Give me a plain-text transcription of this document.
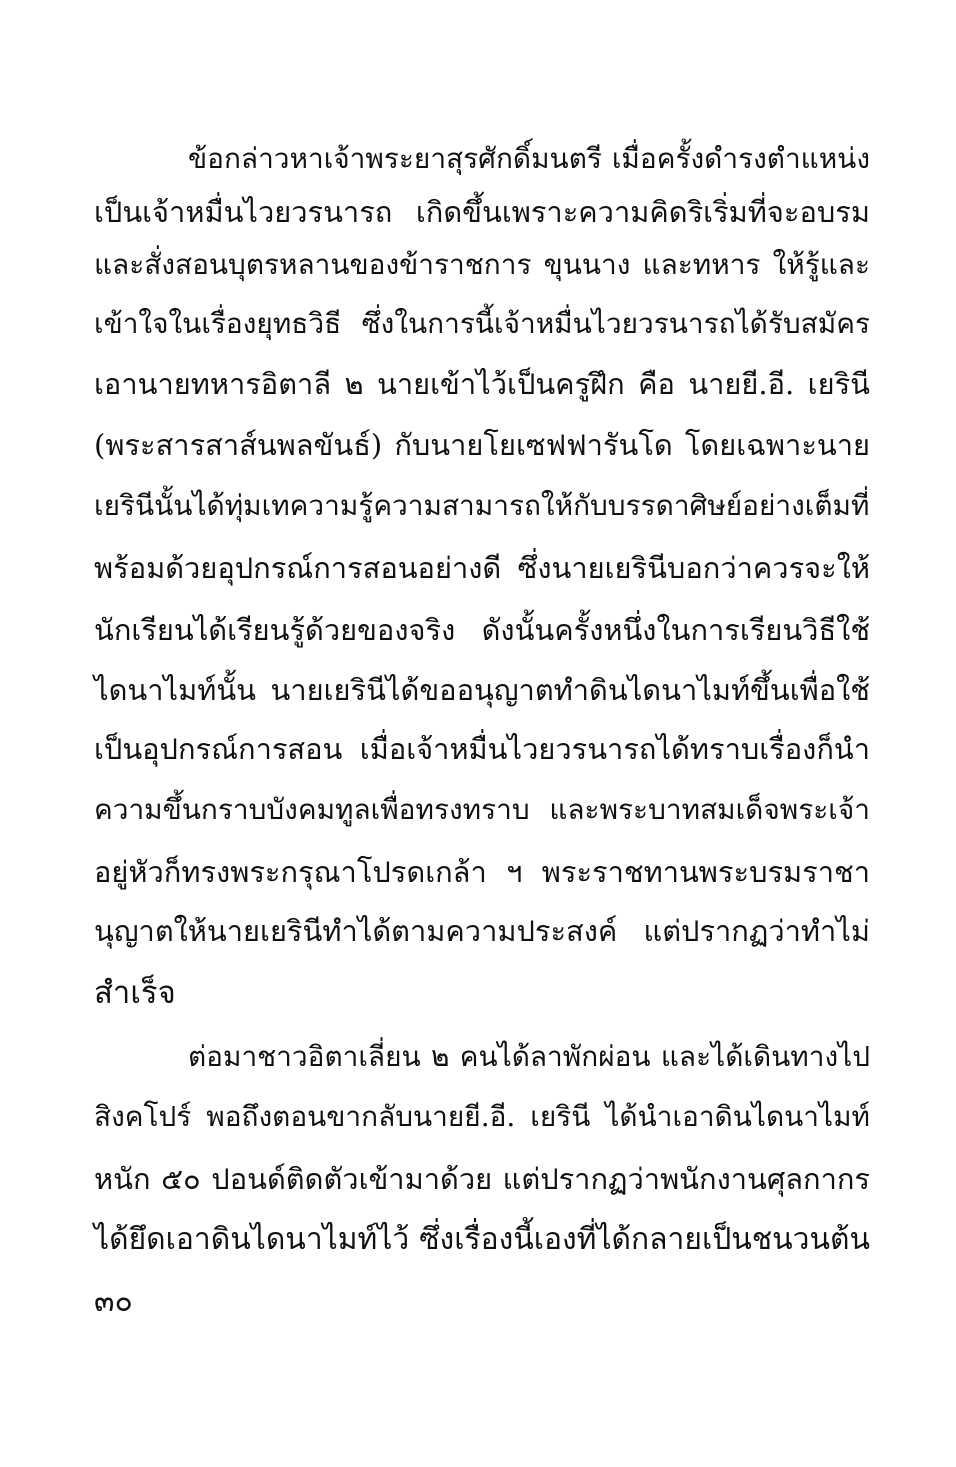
ข้อกล่าวหาเจ้าพระยาสุรศักดิ์มนตรี เมื่อครั้งดำรงตำแหน่ง
เป็นเจ้าหมื่นไวยวรนารถ เกิดขึ้นเพราะความคิดริเริ่มที่จะอบรม
และสั่งสอนบุตรหลานของข้าราชการ ขุนนาง และทหาร ให้รู้และ
เข้าใจในเรื่องยุทธวิธี ซึ่งในการนี้เจ้าหมื่นไวยวรนารถได้รับสมัคร
เอานายทหารอิตาลี ๒ นายเข้าไว้เป็นครูฝึก คือ นายยี.อี. เยรินี
(พระสารสาส์นพลขันธ์) กับนายโยเซฟฟารันโด โดยเฉพาะนาย
เยรินีนั้นได้ทุ่มเทความรู้ความสามารถให้กับบรรดาศิษย์อย่างเต็มที่
พร้อมด้วยอุปกรณ์การสอนอย่างดี ซึ่งนายเยรินีบอกว่าควรจะให้
นักเรียนได้เรียนรู้ด้วยของจริง ดังนั้นครั้งหนึ่งในการเรียนวิธีใช้
ไดนาไมท์นั้น นายเยรินีได้ขออนุญาตทำดินไดนาไมท์ขึ้นเพื่อใช้
เป็นอุปกรณ์การสอน เมื่อเจ้าหมื่นไวยวรนารถได้ทราบเรื่องก็นำ
ความขึ้นกราบบังคมทูลเพื่อทรงทราบ และพระบาทสมเด็จพระเจ้า
อยู่หัวก็ทรงพระกรุณาโปรดเกล้า ฯ พระราชทานพระบรมราชา
นุญาตให้นายเยรินีทำได้ตามความประสงค์ แต่ปรากฏว่าทำไม่
สำเร็จ
ต่อมาชาวอิตาเลี่ยน ๒ คนได้ลาพักผ่อน และได้เดินทางไป
สิงคโปร์ พอถึงตอนขากลับนายยี.อี. เยรินี ได้นำเอาดินไดนาไมท์
หนัก ๕๐ ปอนด์ติดตัวเข้ามาด้วย แต่ปรากฏว่าพนักงานศุลกากร
ได้ยึดเอาดินไดนาไมท์ไว้ ซึ่งเรื่องนี้เองที่ได้กลายเป็นชนวนต้น
๓๐
